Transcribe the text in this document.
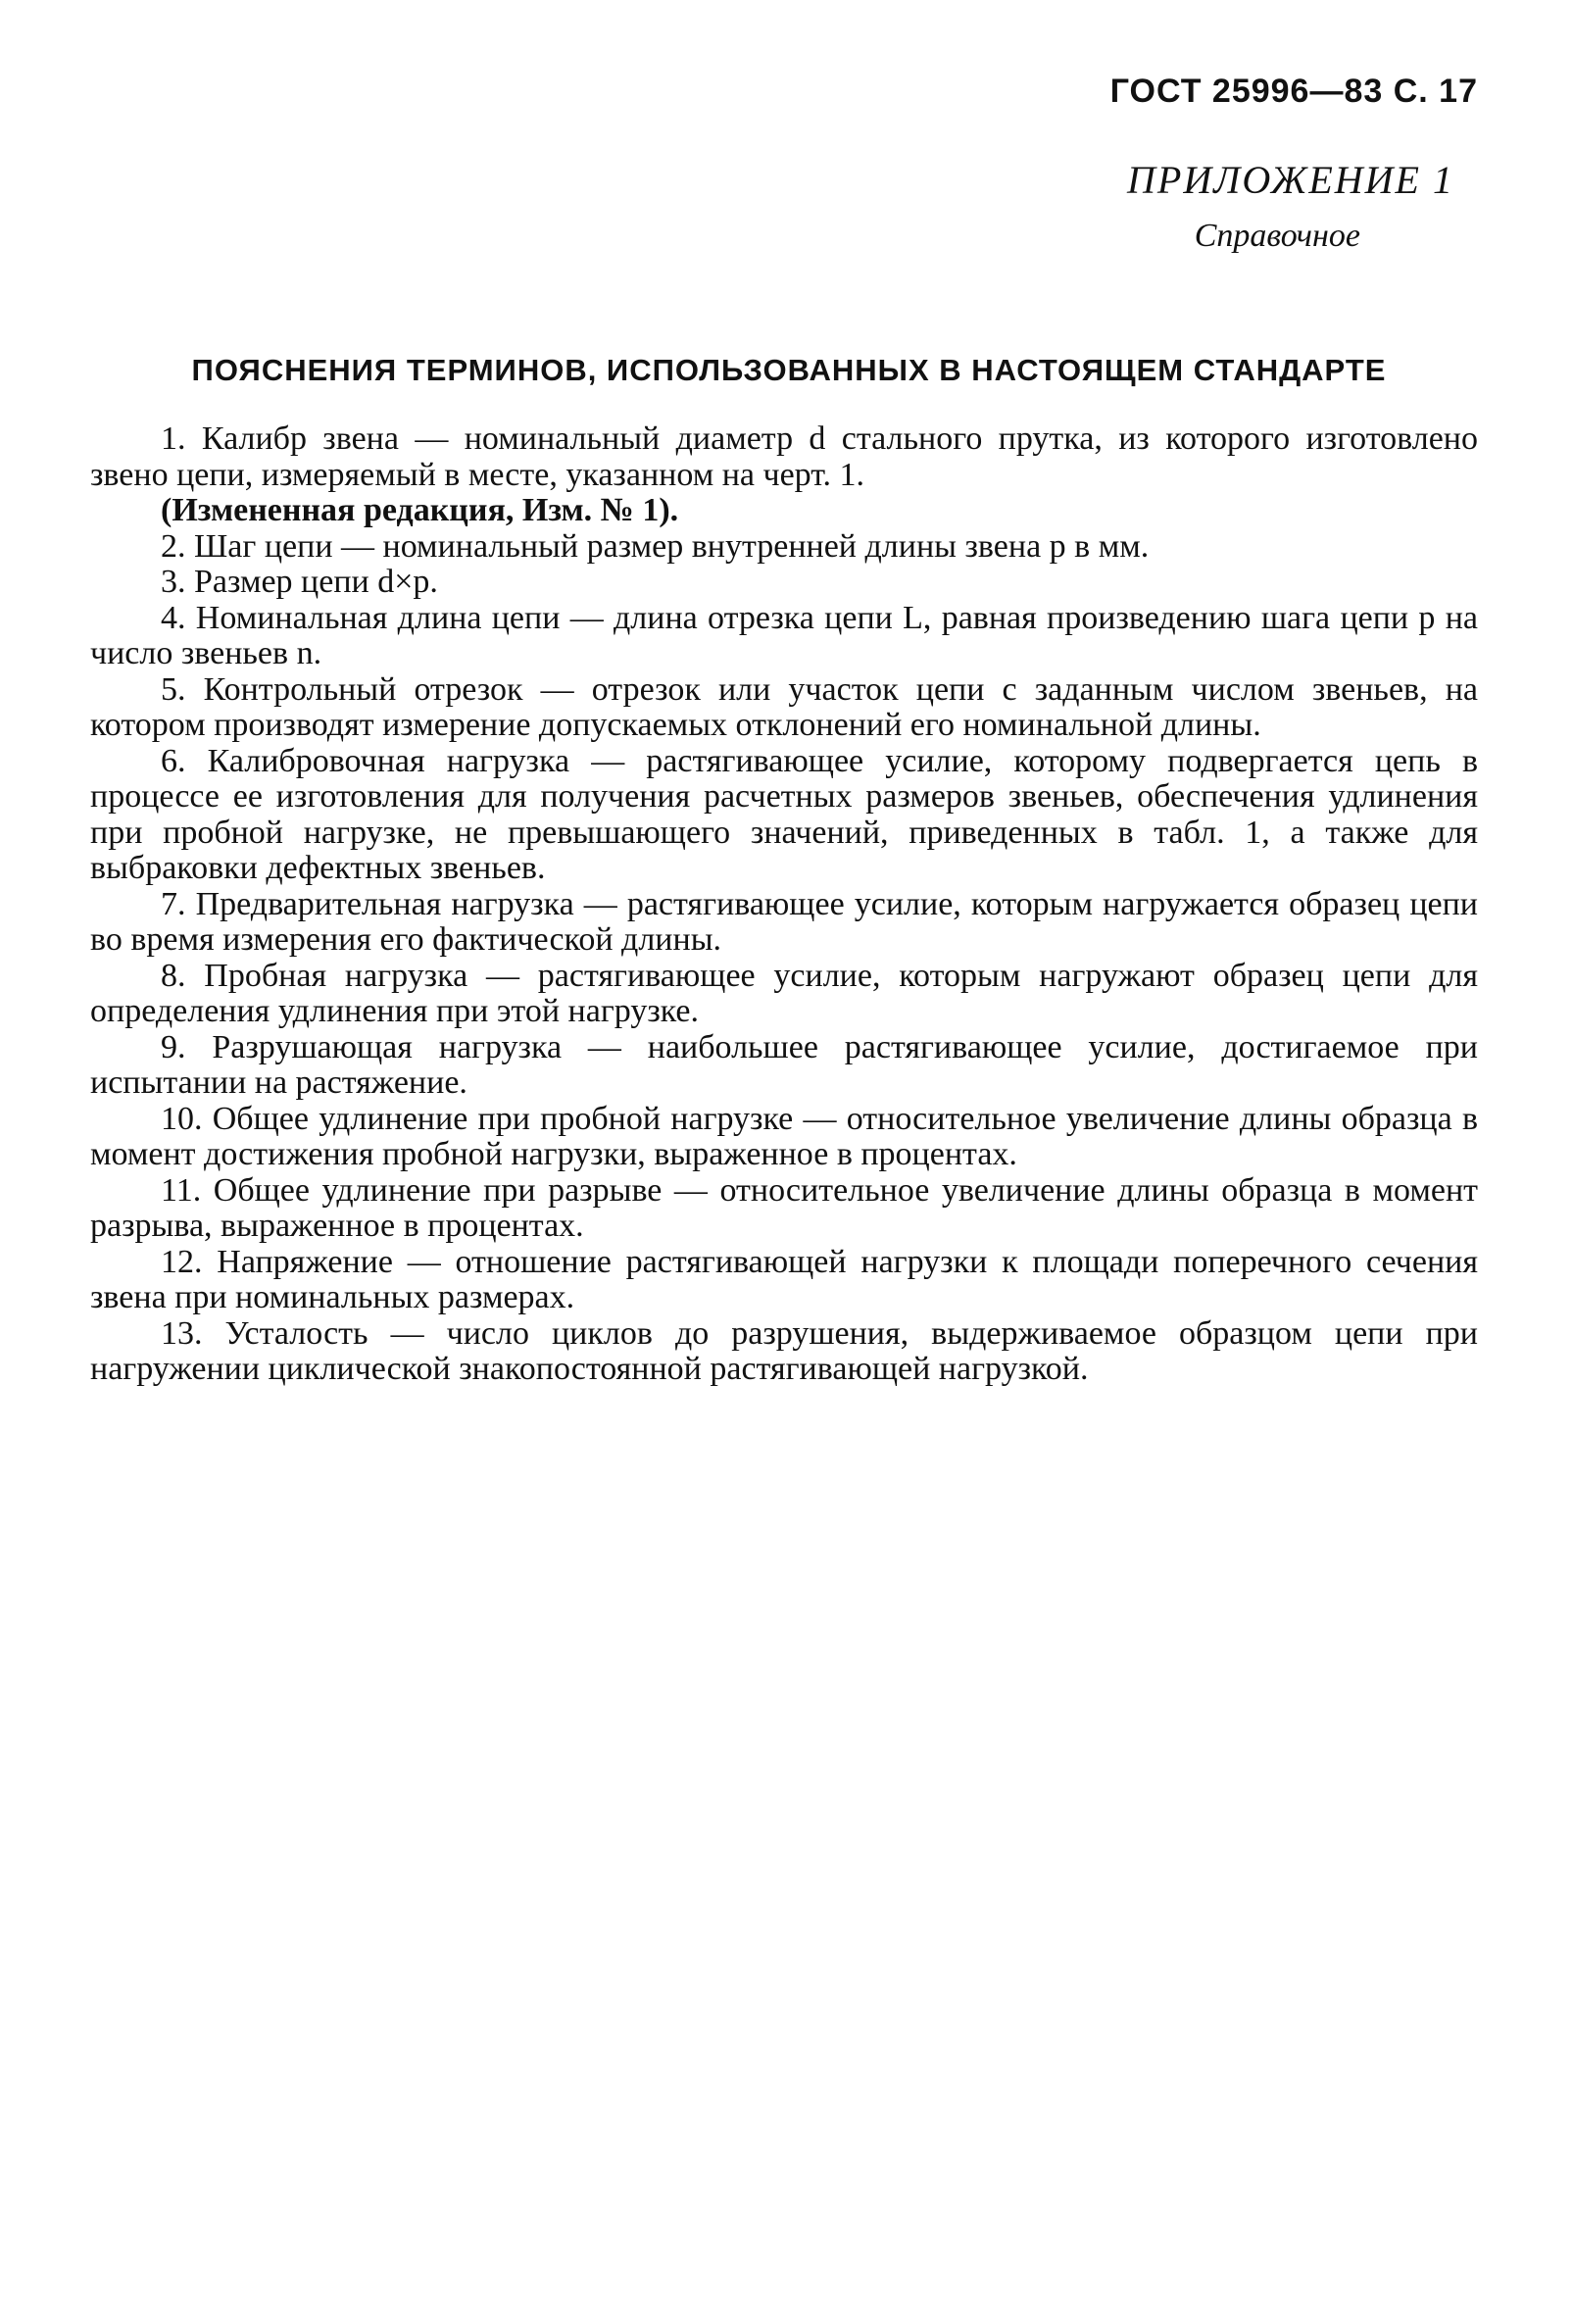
ГОСТ 25996—83 С. 17
ПРИЛОЖЕНИЕ 1
Справочное
ПОЯСНЕНИЯ ТЕРМИНОВ, ИСПОЛЬЗОВАННЫХ В НАСТОЯЩЕМ СТАНДАРТЕ

1. Калибр звена — номинальный диаметр d стального прутка, из которого изготовлено звено цепи, измеряемый в месте, указанном на черт. 1.

(Измененная редакция, Изм. № 1).

2. Шаг цепи — номинальный размер внутренней длины звена p в мм.

3. Размер цепи d×p.

4. Номинальная длина цепи — длина отрезка цепи L, равная произведению шага цепи p на число звеньев n.

5. Контрольный отрезок — отрезок или участок цепи с заданным числом звеньев, на котором производят измерение допускаемых отклонений его номинальной длины.

6. Калибровочная нагрузка — растягивающее усилие, которому подвергается цепь в процессе ее изготовления для получения расчетных размеров звеньев, обеспечения удлинения при пробной нагрузке, не превышающего значений, приведенных в табл. 1, а также для выбраковки дефектных звеньев.

7. Предварительная нагрузка — растягивающее усилие, которым нагружается образец цепи во время измерения его фактической длины.

8. Пробная нагрузка — растягивающее усилие, которым нагружают образец цепи для определения удлинения при этой нагрузке.

9. Разрушающая нагрузка — наибольшее растягивающее усилие, достигаемое при испытании на растяжение.

10. Общее удлинение при пробной нагрузке — относительное увеличение длины образца в момент достижения пробной нагрузки, выраженное в процентах.

11. Общее удлинение при разрыве — относительное увеличение длины образца в момент разрыва, выраженное в процентах.

12. Напряжение — отношение растягивающей нагрузки к площади поперечного сечения звена при номинальных размерах.

13. Усталость — число циклов до разрушения, выдерживаемое образцом цепи при нагружении циклической знакопостоянной растягивающей нагрузкой.
